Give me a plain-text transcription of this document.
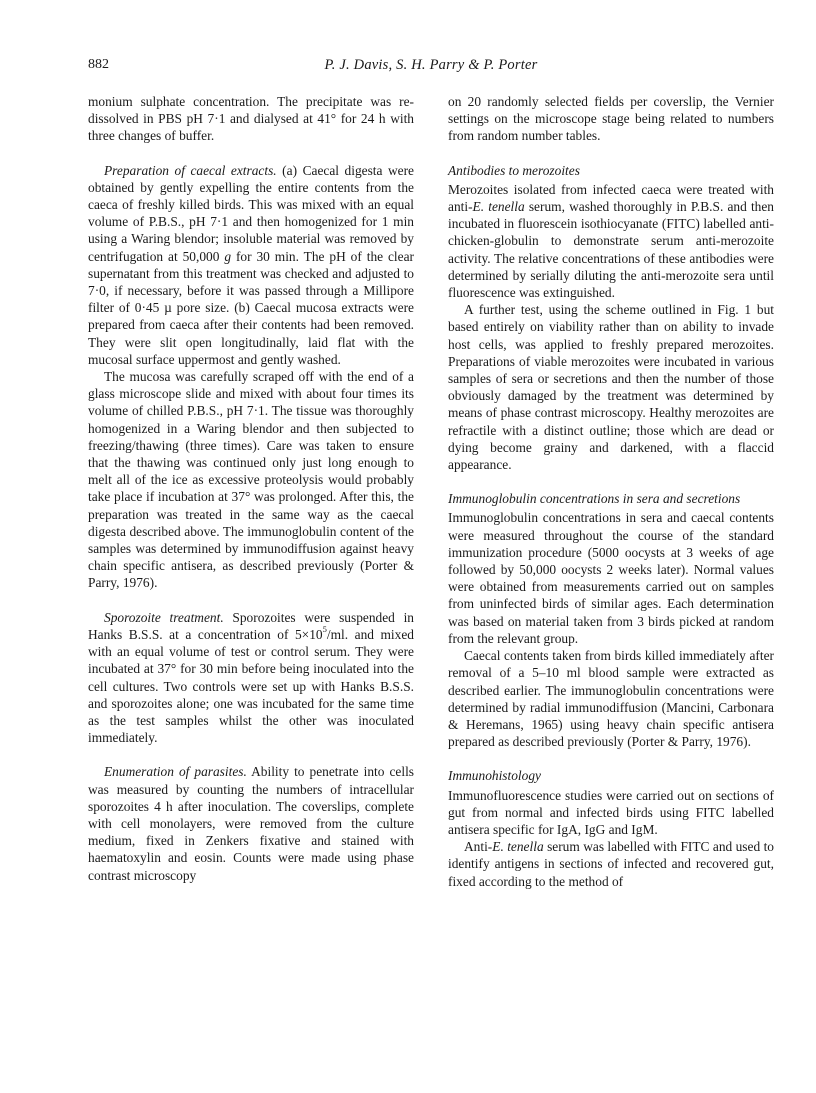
882	P. J. Davis, S. H. Parry & P. Porter

monium sulphate concentration. The precipitate was re-dissolved in PBS pH 7·1 and dialysed at 41° for 24 h with three changes of buffer.

Preparation of caecal extracts. (a) Caecal digesta were obtained by gently expelling the entire contents from the caeca of freshly killed birds. This was mixed with an equal volume of P.B.S., pH 7·1 and then homogenized for 1 min using a Waring blendor; insoluble material was removed by centrifugation at 50,000 g for 30 min. The pH of the clear supernatant from this treatment was checked and adjusted to 7·0, if necessary, before it was passed through a Millipore filter of 0·45 µ pore size. (b) Caecal mucosa extracts were prepared from caeca after their contents had been removed. They were slit open longitudinally, laid flat with the mucosal surface uppermost and gently washed.

The mucosa was carefully scraped off with the end of a glass microscope slide and mixed with about four times its volume of chilled P.B.S., pH 7·1. The tissue was thoroughly homogenized in a Waring blendor and then subjected to freezing/thawing (three times). Care was taken to ensure that the thawing was continued only just long enough to melt all of the ice as excessive proteolysis would probably take place if incubation at 37° was prolonged. After this, the preparation was treated in the same way as the caecal digesta described above. The immunoglobulin content of the samples was determined by immunodiffusion against heavy chain specific antisera, as described previously (Porter & Parry, 1976).

Sporozoite treatment. Sporozoites were suspended in Hanks B.S.S. at a concentration of $5\times 10^5/ml$. and mixed with an equal volume of test or control serum. They were incubated at 37° for 30 min before being inoculated into the cell cultures. Two controls were set up with Hanks B.S.S. and sporozoites alone; one was incubated for the same time as the test samples whilst the other was inoculated immediately.

Enumeration of parasites. Ability to penetrate into cells was measured by counting the numbers of intracellular sporozoites 4 h after inoculation. The coverslips, complete with cell monolayers, were removed from the culture medium, fixed in Zenkers fixative and stained with haematoxylin and eosin. Counts were made using phase contrast microscopy

on 20 randomly selected fields per coverslip, the Vernier settings on the microscope stage being related to numbers from random number tables.

Antibodies to merozoites

Merozoites isolated from infected caeca were treated with anti-E. tenella serum, washed thoroughly in P.B.S. and then incubated in fluorescein isothiocyanate (FITC) labelled anti-chicken-globulin to demonstrate serum anti-merozoite activity. The relative concentrations of these antibodies were determined by serially diluting the anti-merozoite sera until fluorescence was extinguished.

A further test, using the scheme outlined in Fig. 1 but based entirely on viability rather than on ability to invade host cells, was applied to freshly prepared merozoites. Preparations of viable merozoites were incubated in various samples of sera or secretions and then the number of those obviously damaged by the treatment was determined by means of phase contrast microscopy. Healthy merozoites are refractile with a distinct outline; those which are dead or dying become grainy and darkened, with a flaccid appearance.

Immunoglobulin concentrations in sera and secretions

Immunoglobulin concentrations in sera and caecal contents were measured throughout the course of the standard immunization procedure (5000 oocysts at 3 weeks of age followed by 50,000 oocysts 2 weeks later). Normal values were obtained from measurements carried out on samples from uninfected birds of similar ages. Each determination was based on material taken from 3 birds picked at random from the relevant group.

Caecal contents taken from birds killed immediately after removal of a 5–10 ml blood sample were extracted as described earlier. The immunoglobulin concentrations were determined by radial immunodiffusion (Mancini, Carbonara & Heremans, 1965) using heavy chain specific antisera prepared as described previously (Porter & Parry, 1976).

Immunohistology

Immunofluorescence studies were carried out on sections of gut from normal and infected birds using FITC labelled antisera specific for IgA, IgG and IgM.

Anti-E. tenella serum was labelled with FITC and used to identify antigens in sections of infected and recovered gut, fixed according to the method of
